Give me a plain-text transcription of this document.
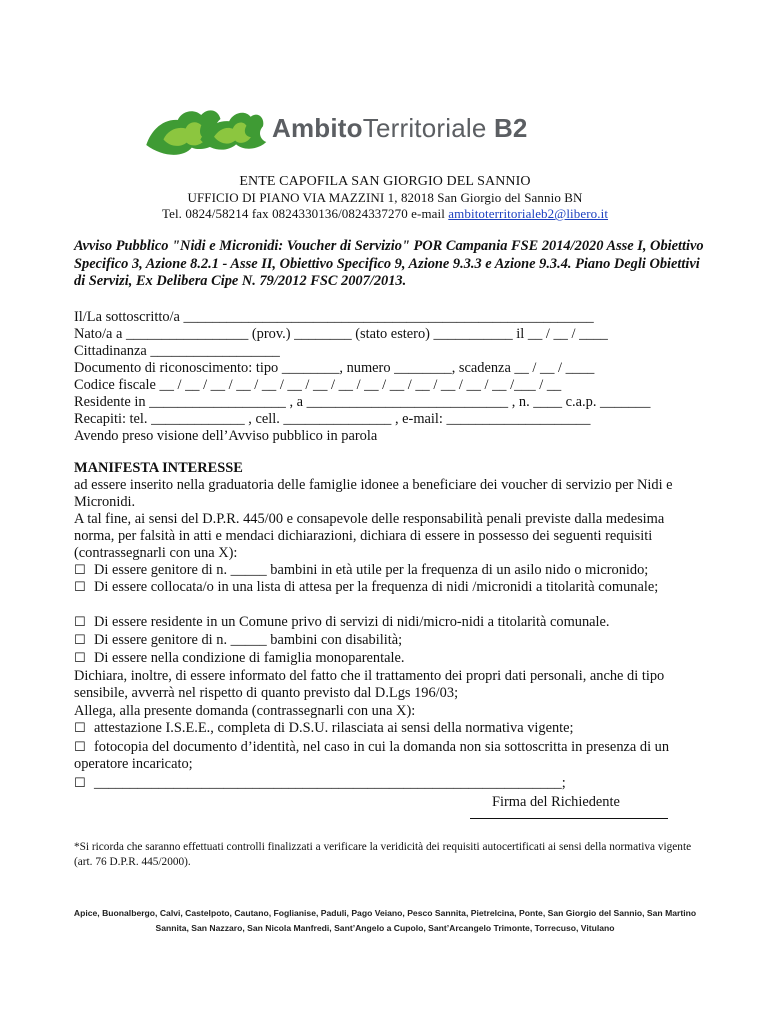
AmbitoTerritoriale B2
ENTE CAPOFILA SAN GIORGIO DEL SANNIO
UFFICIO DI PIANO VIA MAZZINI 1, 82018 San Giorgio del Sannio BN
Tel. 0824/58214 fax 0824330136/0824337270 e-mail ambitoterritorialeb2@libero.it
Avviso Pubblico "Nidi e Micronidi: Voucher di Servizio" POR Campania FSE 2014/2020 Asse I, Obiettivo Specifico 3, Azione 8.2.1 - Asse II, Obiettivo Specifico 9, Azione 9.3.3 e Azione 9.3.4. Piano Degli Obiettivi di Servizi, Ex Delibera Cipe N. 79/2012 FSC 2007/2013.
Il/La sottoscritto/a _________________________________________________________
Nato/a a _________________ (prov.) ________ (stato estero) ___________ il __ / __ / ____
Cittadinanza __________________
Documento di riconoscimento: tipo ________, numero ________, scadenza __ / __ / ____
Codice fiscale __ / __ / __ / __ / __ / __ / __ / __ / __ / __ / __ / __ / __ / __ /___ / __
Residente in ___________________ , a ____________________________ , n. ____ c.a.p. _______
Recapiti: tel. _____________ , cell. _______________ , e-mail: ____________________
Avendo preso visione dell’Avviso pubblico in parola
MANIFESTA INTERESSE
ad essere inserito nella graduatoria delle famiglie idonee a beneficiare dei voucher di servizio per Nidi e Micronidi.
A tal fine, ai sensi del D.P.R. 445/00 e consapevole delle responsabilità penali previste dalla medesima norma, per falsità in atti e mendaci dichiarazioni, dichiara di essere in possesso dei seguenti requisiti (contrassegnarli con una X):
☐ Di essere genitore di n. _____ bambini in età utile per la frequenza di un asilo nido o micronido;
☐ Di essere collocata/o in una lista di attesa per la frequenza di nidi /micronidi a titolarità comunale;
☐ Di essere residente in un Comune privo di servizi di nidi/micro-nidi a titolarità comunale.
☐ Di essere genitore di n. _____ bambini con disabilità;
☐ Di essere nella condizione di famiglia monoparentale.
Dichiara, inoltre, di essere informato del fatto che il trattamento dei propri dati personali, anche di tipo sensibile, avverrà nel rispetto di quanto previsto dal D.Lgs 196/03;
Allega, alla presente domanda (contrassegnarli con una X):
☐ attestazione I.S.E.E., completa di D.S.U. rilasciata ai sensi della normativa vigente;
☐ fotocopia del documento d’identità, nel caso in cui la domanda non sia sottoscritta in presenza di un operatore incaricato;
☐ _________________________________________________________________;
Firma del Richiedente
*Si ricorda che saranno effettuati controlli finalizzati a verificare la veridicità dei requisiti autocertificati ai sensi della normativa vigente (art. 76 D.P.R. 445/2000).
Apice, Buonalbergo, Calvi, Castelpoto, Cautano, Foglianise, Paduli, Pago Veiano, Pesco Sannita, Pietrelcina, Ponte, San Giorgio del Sannio, San Martino Sannita, San Nazzaro, San Nicola Manfredi, Sant’Angelo a Cupolo, Sant’Arcangelo Trimonte, Torrecuso, Vitulano
